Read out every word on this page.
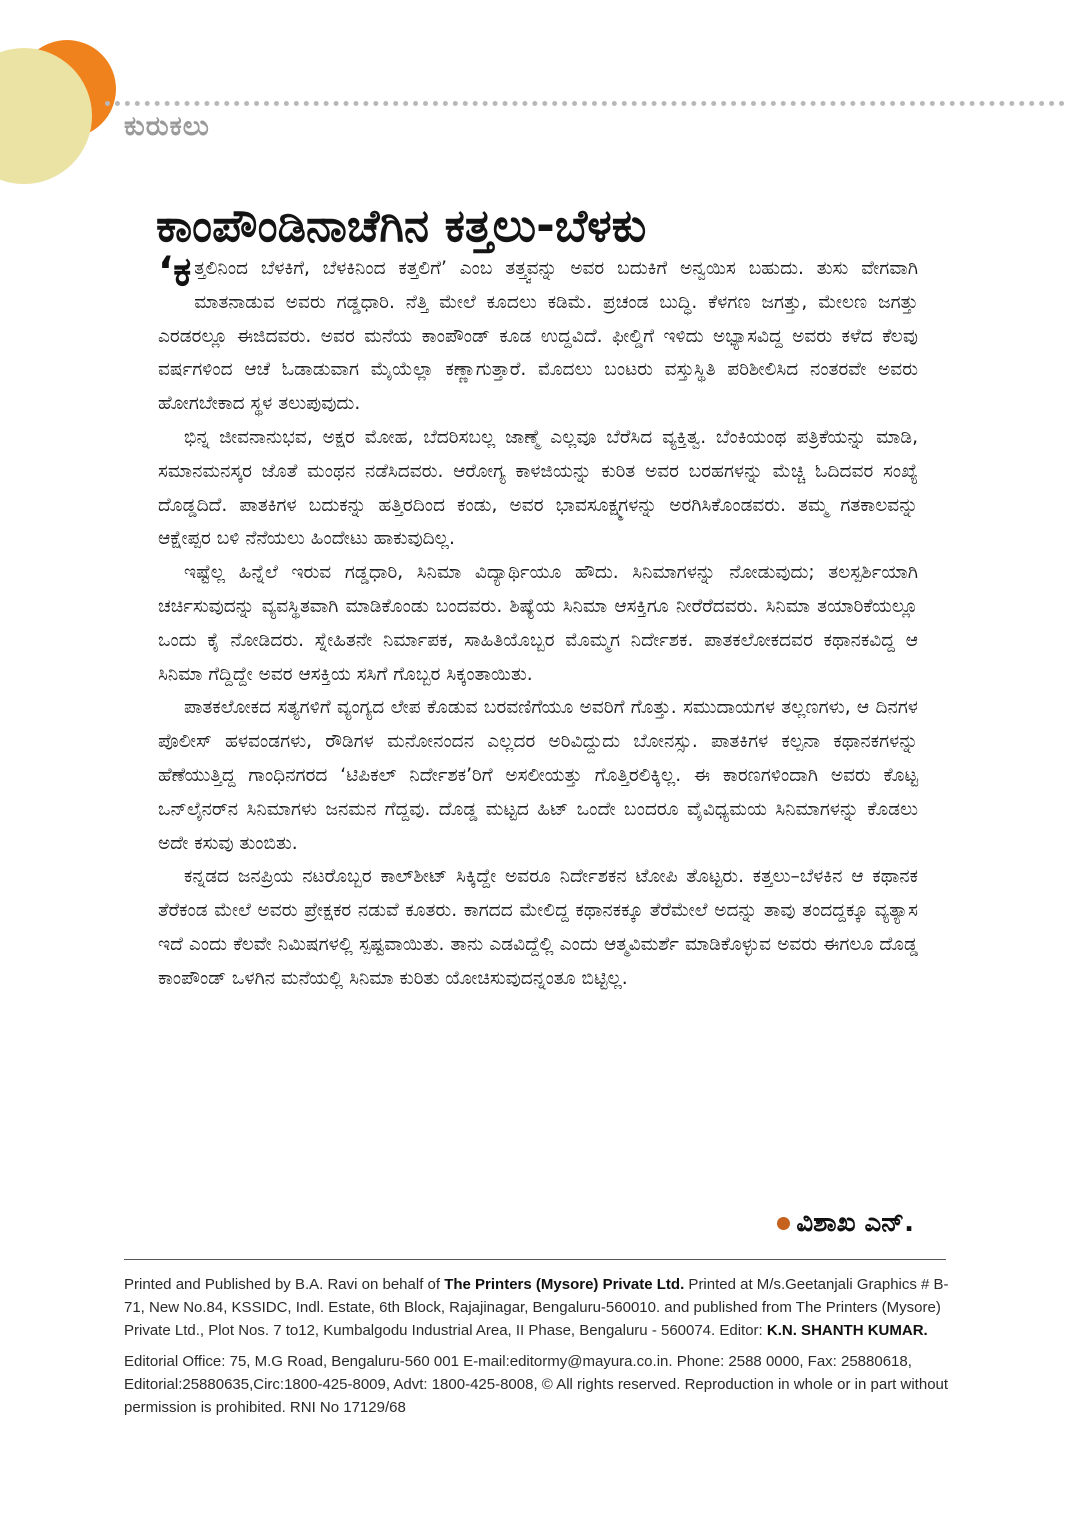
ಕುರುಕಲು
ಕಾಂಪೌಂಡಿನಾಚೆಗಿನ ಕತ್ತಲು-ಬೆಳಕು

‘ಕತ್ತಲಿನಿಂದ ಬೆಳಕಿಗೆ, ಬೆಳಕಿನಿಂದ ಕತ್ತಲಿಗೆ’ ಎಂಬ ತತ್ತ್ವವನ್ನು ಅವರ ಬದುಕಿಗೆ ಅನ್ವಯಿಸ ಬಹುದು. ತುಸು ವೇಗವಾಗಿ ಮಾತನಾಡುವ ಅವರು ಗಡ್ಡಧಾರಿ. ನೆತ್ತಿ ಮೇಲೆ ಕೂದಲು ಕಡಿಮೆ. ಪ್ರಚಂಡ ಬುದ್ಧಿ. ಕೆಳಗಣ ಜಗತ್ತು, ಮೇಲಣ ಜಗತ್ತು ಎರಡರಲ್ಲೂ ಈಜಿದವರು. ಅವರ ಮನೆಯ ಕಾಂಪೌಂಡ್ ಕೂಡ ಉದ್ದವಿದೆ. ಫೀಲ್ಡಿಗೆ ಇಳಿದು ಅಭ್ಯಾಸವಿದ್ದ ಅವರು ಕಳೆದ ಕೆಲವು ವರ್ಷಗಳಿಂದ ಆಚೆ ಓಡಾಡುವಾಗ ಮೈಯೆಲ್ಲಾ ಕಣ್ಣಾಗುತ್ತಾರೆ. ಮೊದಲು ಬಂಟರು ವಸ್ತುಸ್ಥಿತಿ ಪರಿಶೀಲಿಸಿದ ನಂತರವೇ ಅವರು ಹೋಗಬೇಕಾದ ಸ್ಥಳ ತಲುಪುವುದು.

ಭಿನ್ನ ಜೀವನಾನುಭವ, ಅಕ್ಷರ ಮೋಹ, ಬೆದರಿಸಬಲ್ಲ ಜಾಣ್ಮೆ ಎಲ್ಲವೂ ಬೆರೆಸಿದ ವ್ಯಕ್ತಿತ್ವ. ಬೆಂಕಿಯಂಥ ಪತ್ರಿಕೆಯನ್ನು ಮಾಡಿ, ಸಮಾನಮನಸ್ಕರ ಜೊತೆ ಮಂಥನ ನಡೆಸಿದವರು. ಆರೋಗ್ಯ ಕಾಳಜಿಯನ್ನು ಕುರಿತ ಅವರ ಬರಹಗಳನ್ನು ಮೆಚ್ಚಿ ಓದಿದವರ ಸಂಖ್ಯೆ ದೊಡ್ಡದಿದೆ. ಪಾತಕಿಗಳ ಬದುಕನ್ನು ಹತ್ತಿರದಿಂದ ಕಂಡು, ಅವರ ಭಾವಸೂಕ್ಷ್ಮಗಳನ್ನು ಅರಗಿಸಿಕೊಂಡವರು. ತಮ್ಮ ಗತಕಾಲವನ್ನು ಆಕ್ಷೇಪ್ಪರ ಬಳಿ ನೆನೆಯಲು ಹಿಂದೇಟು ಹಾಕುವುದಿಲ್ಲ.

ಇಷ್ಟೆಲ್ಲ ಹಿನ್ನೆಲೆ ಇರುವ ಗಡ್ಡಧಾರಿ, ಸಿನಿಮಾ ವಿದ್ಯಾರ್ಥಿಯೂ ಹೌದು. ಸಿನಿಮಾಗಳನ್ನು ನೋಡುವುದು; ತಲಸ್ಪರ್ಶಿಯಾಗಿ ಚರ್ಚಿಸುವುದನ್ನು ವ್ಯವಸ್ಥಿತವಾಗಿ ಮಾಡಿಕೊಂಡು ಬಂದವರು. ಶಿಷ್ಯೆಯ ಸಿನಿಮಾ ಆಸಕ್ತಿಗೂ ನೀರೆರೆದವರು. ಸಿನಿಮಾ ತಯಾರಿಕೆಯಲ್ಲೂ ಒಂದು ಕೈ ನೋಡಿದರು. ಸ್ನೇಹಿತನೇ ನಿರ್ಮಾಪಕ, ಸಾಹಿತಿಯೊಬ್ಬರ ಮೊಮ್ಮಗ ನಿರ್ದೇಶಕ. ಪಾತಕಲೋಕದವರ ಕಥಾನಕವಿದ್ದ ಆ ಸಿನಿಮಾ ಗೆದ್ದಿದ್ದೇ ಅವರ ಆಸಕ್ತಿಯ ಸಸಿಗೆ ಗೊಬ್ಬರ ಸಿಕ್ಕಂತಾಯಿತು.

ಪಾತಕಲೋಕದ ಸತ್ಯಗಳಿಗೆ ವ್ಯಂಗ್ಯದ ಲೇಪ ಕೊಡುವ ಬರವಣಿಗೆಯೂ ಅವರಿಗೆ ಗೊತ್ತು. ಸಮುದಾಯಗಳ ತಲ್ಲಣಗಳು, ಆ ದಿನಗಳ ಪೊಲೀಸ್ ಹಳವಂಡಗಳು, ರೌಡಿಗಳ ಮನೋನಂದನ ಎಲ್ಲದರ ಅರಿವಿದ್ದುದು ಬೋನಸ್ಸು. ಪಾತಕಿಗಳ ಕಲ್ಪನಾ ಕಥಾನಕಗಳನ್ನು ಹೆಣೆಯುತ್ತಿದ್ದ ಗಾಂಧಿನಗರದ ‘ಟಿಪಿಕಲ್ ನಿರ್ದೇಶಕ’ರಿಗೆ ಅಸಲೀಯತ್ತು ಗೊತ್ತಿರಲಿಕ್ಕಿಲ್ಲ. ಈ ಕಾರಣಗಳಿಂದಾಗಿ ಅವರು ಕೊಟ್ಟ ಒನ್‌ಲೈನರ್‌ನ ಸಿನಿಮಾಗಳು ಜನಮನ ಗೆದ್ದವು. ದೊಡ್ಡ ಮಟ್ಟದ ಹಿಟ್ ಒಂದೇ ಬಂದರೂ ವೈವಿಧ್ಯಮಯ ಸಿನಿಮಾಗಳನ್ನು ಕೊಡಲು ಅದೇ ಕಸುವು ತುಂಬಿತು.

ಕನ್ನಡದ ಜನಪ್ರಿಯ ನಟರೊಬ್ಬರ ಕಾಲ್‌ಶೀಟ್ ಸಿಕ್ಕಿದ್ದೇ ಅವರೂ ನಿರ್ದೇಶಕನ ಟೋಪಿ ತೊಟ್ಟರು. ಕತ್ತಲು–ಬೆಳಕಿನ ಆ ಕಥಾನಕ ತೆರೆಕಂಡ ಮೇಲೆ ಅವರು ಪ್ರೇಕ್ಷಕರ ನಡುವೆ ಕೂತರು. ಕಾಗದದ ಮೇಲಿದ್ದ ಕಥಾನಕಕ್ಕೂ ತೆರೆಮೇಲೆ ಅದನ್ನು ತಾವು ತಂದದ್ದಕ್ಕೂ ವ್ಯತ್ಯಾಸ ಇದೆ ಎಂದು ಕೆಲವೇ ನಿಮಿಷಗಳಲ್ಲಿ ಸ್ಪಷ್ಟವಾಯಿತು. ತಾನು ಎಡವಿದ್ದೆಲ್ಲಿ ಎಂದು ಆತ್ಮವಿಮರ್ಶೆ ಮಾಡಿಕೊಳ್ಳುವ ಅವರು ಈಗಲೂ ದೊಡ್ಡ ಕಾಂಪೌಂಡ್ ಒಳಗಿನ ಮನೆಯಲ್ಲಿ ಸಿನಿಮಾ ಕುರಿತು ಯೋಚಿಸುವುದನ್ನಂತೂ ಬಿಟ್ಟಿಲ್ಲ.

ವಿಶಾಖ ಎನ್.

Printed and Published by B.A. Ravi on behalf of The Printers (Mysore) Private Ltd. Printed at M/s.Geetanjali Graphics # B-71, New No.84, KSSIDC, Indl. Estate, 6th Block, Rajajinagar, Bengaluru-560010. and published from The Printers (Mysore) Private Ltd., Plot Nos. 7 to12, Kumbalgodu Industrial Area, II Phase, Bengaluru - 560074. Editor: K.N. SHANTH KUMAR.

Editorial Office: 75, M.G Road, Bengaluru-560 001 E-mail:editormy@mayura.co.in. Phone: 2588 0000, Fax: 25880618, Editorial:25880635,Circ:1800-425-8009, Advt: 1800-425-8008, © All rights reserved. Reproduction in whole or in part without permission is prohibited. RNI No 17129/68
